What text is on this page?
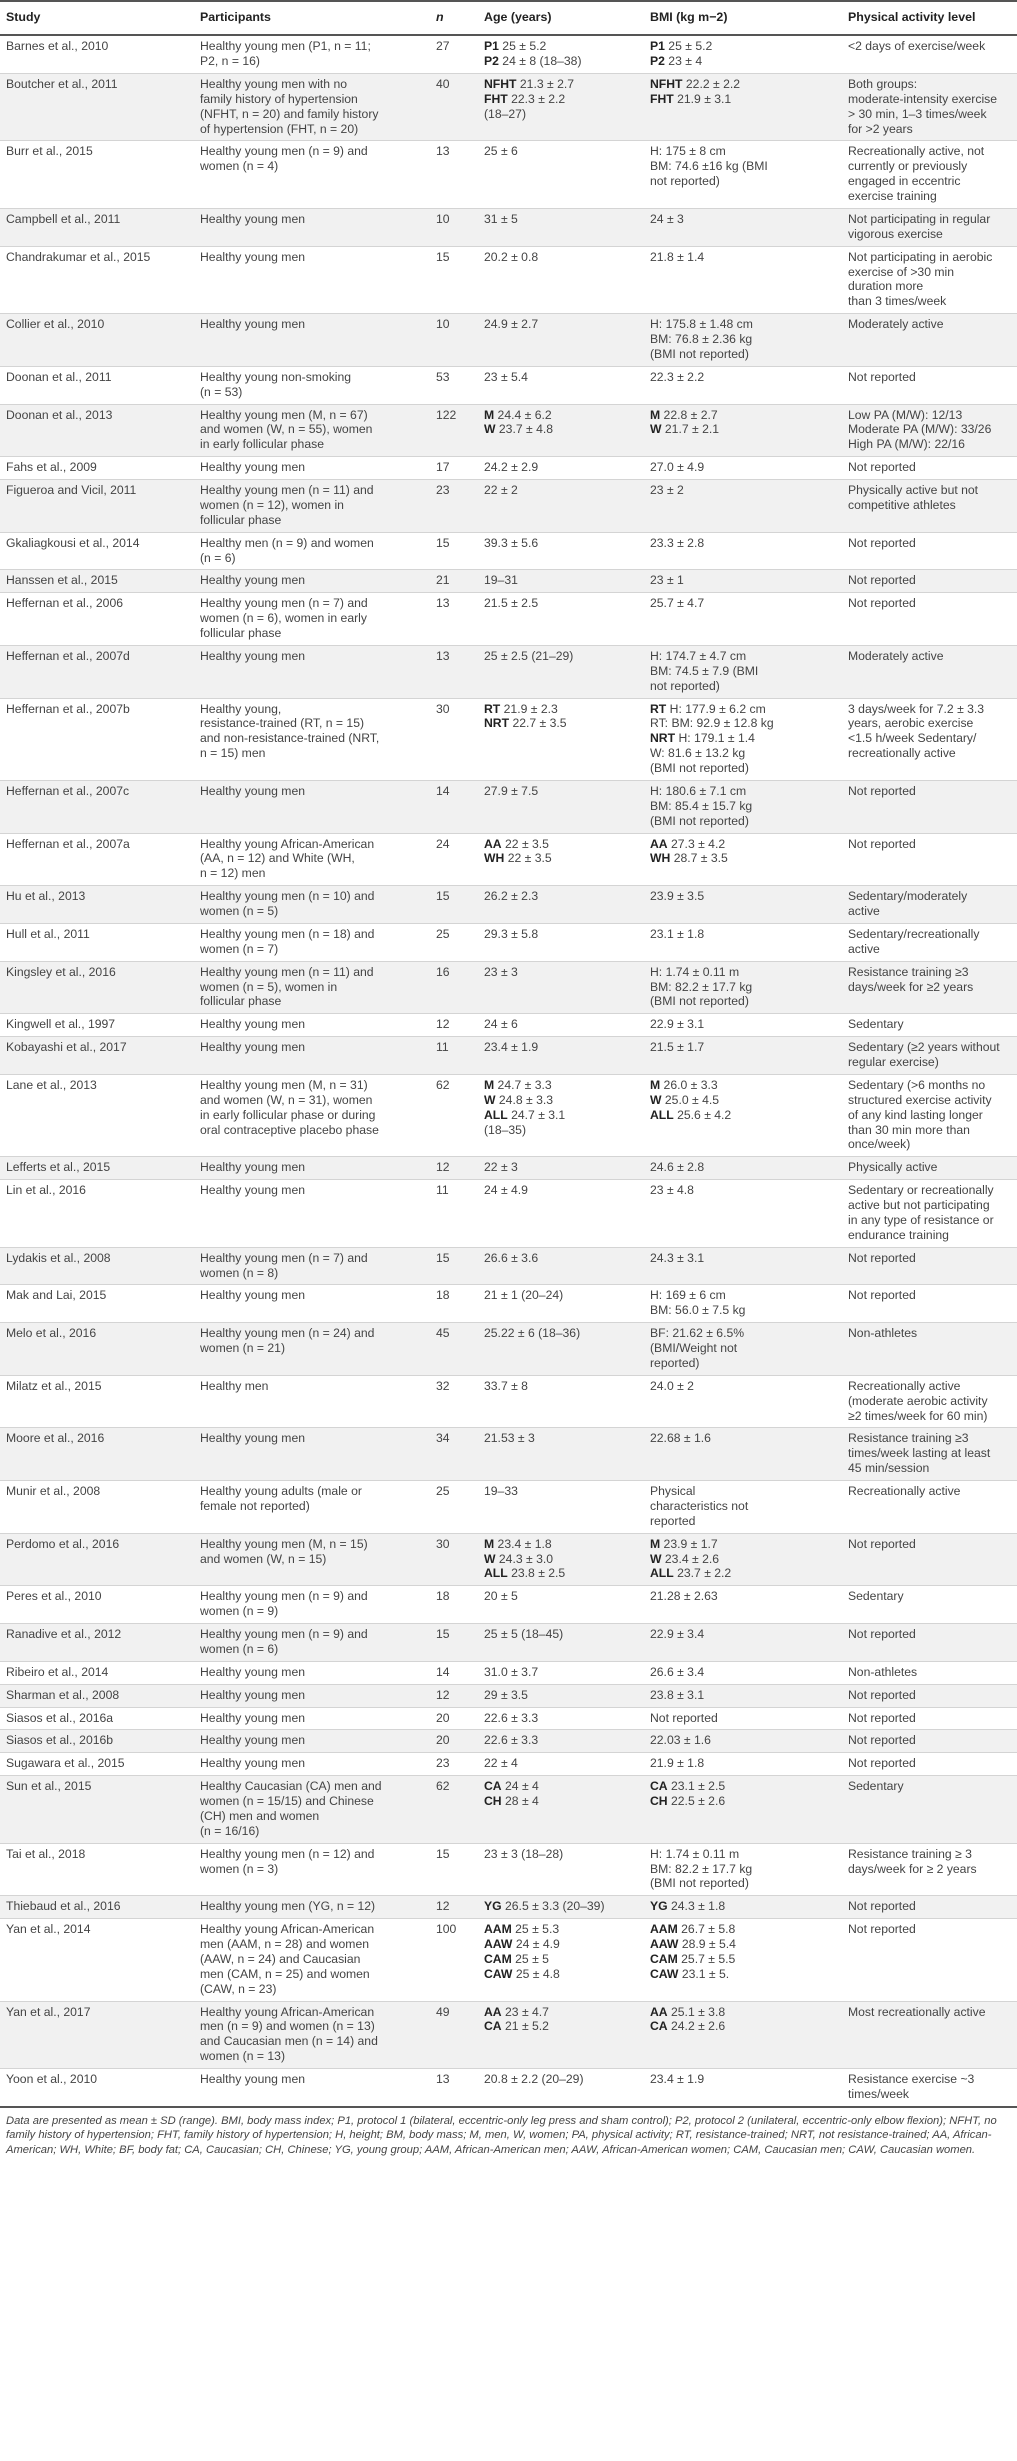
Study	Participants	n	Age (years)	BMI (kg m−2)	Physical activity level
Barnes et al., 2010	Healthy young men (P1, n = 11;
P2, n = 16)	27	P1 25 ± 5.2
P2 24 ± 8 (18–38)	P1 25 ± 5.2
P2 23 ± 4	<2 days of exercise/week

Boutcher et al., 2011	Healthy young men with no
family history of hypertension
(NFHT, n = 20) and family history
of hypertension (FHT, n = 20)	40	NFHT 21.3 ± 2.7
FHT 22.3 ± 2.2
(18–27)	NFHT 22.2 ± 2.2
FHT 21.9 ± 3.1	Both groups:
moderate-intensity exercise
> 30 min, 1–3 times/week
for >2 years

Burr et al., 2015	Healthy young men (n = 9) and
women (n = 4)	13	25 ± 6	H: 175 ± 8 cm
BM: 74.6 ±16 kg (BMI
not reported)	Recreationally active, not
currently or previously
engaged in eccentric
exercise training

Campbell et al., 2011	Healthy young men	10	31 ± 5	24 ± 3	Not participating in regular
vigorous exercise

Chandrakumar et al., 2015	Healthy young men	15	20.2 ± 0.8	21.8 ± 1.4	Not participating in aerobic
exercise of >30 min
duration more
than 3 times/week

Collier et al., 2010	Healthy young men	10	24.9 ± 2.7	H: 175.8 ± 1.48 cm
BM: 76.8 ± 2.36 kg
(BMI not reported)	Moderately active

Doonan et al., 2011	Healthy young non-smoking
(n = 53)	53	23 ± 5.4	22.3 ± 2.2	Not reported

Doonan et al., 2013	Healthy young men (M, n = 67)
and women (W, n = 55), women
in early follicular phase	122	M 24.4 ± 6.2
W 23.7 ± 4.8	M 22.8 ± 2.7
W 21.7 ± 2.1	Low PA (M/W): 12/13
Moderate PA (M/W): 33/26
High PA (M/W): 22/16

Fahs et al., 2009	Healthy young men	17	24.2 ± 2.9	27.0 ± 4.9	Not reported

Figueroa and Vicil, 2011	Healthy young men (n = 11) and
women (n = 12), women in
follicular phase	23	22 ± 2	23 ± 2	Physically active but not
competitive athletes

Gkaliagkousi et al., 2014	Healthy men (n = 9) and women
(n = 6)	15	39.3 ± 5.6	23.3 ± 2.8	Not reported

Hanssen et al., 2015	Healthy young men	21	19–31	23 ± 1	Not reported

Heffernan et al., 2006	Healthy young men (n = 7) and
women (n = 6), women in early
follicular phase	13	21.5 ± 2.5	25.7 ± 4.7	Not reported

Heffernan et al., 2007d	Healthy young men	13	25 ± 2.5 (21–29)	H: 174.7 ± 4.7 cm
BM: 74.5 ± 7.9 (BMI
not reported)	Moderately active

Heffernan et al., 2007b	Healthy young,
resistance-trained (RT, n = 15)
and non-resistance-trained (NRT,
n = 15) men	30	RT 21.9 ± 2.3
NRT 22.7 ± 3.5	RT H: 177.9 ± 6.2 cm
RT: BM: 92.9 ± 12.8 kg
NRT H: 179.1 ± 1.4
W: 81.6 ± 13.2 kg
(BMI not reported)	3 days/week for 7.2 ± 3.3
years, aerobic exercise
<1.5 h/week Sedentary/
recreationally active

Heffernan et al., 2007c	Healthy young men	14	27.9 ± 7.5	H: 180.6 ± 7.1 cm
BM: 85.4 ± 15.7 kg
(BMI not reported)	Not reported

Heffernan et al., 2007a	Healthy young African-American
(AA, n = 12) and White (WH,
n = 12) men	24	AA 22 ± 3.5
WH 22 ± 3.5	AA 27.3 ± 4.2
WH 28.7 ± 3.5	Not reported

Hu et al., 2013	Healthy young men (n = 10) and
women (n = 5)	15	26.2 ± 2.3	23.9 ± 3.5	Sedentary/moderately
active

Hull et al., 2011	Healthy young men (n = 18) and
women (n = 7)	25	29.3 ± 5.8	23.1 ± 1.8	Sedentary/recreationally
active

Kingsley et al., 2016	Healthy young men (n = 11) and
women (n = 5), women in
follicular phase	16	23 ± 3	H: 1.74 ± 0.11 m
BM: 82.2 ± 17.7 kg
(BMI not reported)	Resistance training ≥3
days/week for ≥2 years

Kingwell et al., 1997	Healthy young men	12	24 ± 6	22.9 ± 3.1	Sedentary

Kobayashi et al., 2017	Healthy young men	11	23.4 ± 1.9	21.5 ± 1.7	Sedentary (≥2 years without
regular exercise)

Lane et al., 2013	Healthy young men (M, n = 31)
and women (W, n = 31), women
in early follicular phase or during
oral contraceptive placebo phase	62	M 24.7 ± 3.3
W 24.8 ± 3.3
ALL 24.7 ± 3.1
(18–35)	M 26.0 ± 3.3
W 25.0 ± 4.5
ALL 25.6 ± 4.2	Sedentary (>6 months no
structured exercise activity
of any kind lasting longer
than 30 min more than
once/week)

Lefferts et al., 2015	Healthy young men	12	22 ± 3	24.6 ± 2.8	Physically active

Lin et al., 2016	Healthy young men	11	24 ± 4.9	23 ± 4.8	Sedentary or recreationally
active but not participating
in any type of resistance or
endurance training

Lydakis et al., 2008	Healthy young men (n = 7) and
women (n = 8)	15	26.6 ± 3.6	24.3 ± 3.1	Not reported

Mak and Lai, 2015	Healthy young men	18	21 ± 1 (20–24)	H: 169 ± 6 cm
BM: 56.0 ± 7.5 kg	Not reported

Melo et al., 2016	Healthy young men (n = 24) and
women (n = 21)	45	25.22 ± 6 (18–36)	BF: 21.62 ± 6.5%
(BMI/Weight not
reported)	Non-athletes

Milatz et al., 2015	Healthy men	32	33.7 ± 8	24.0 ± 2	Recreationally active
(moderate aerobic activity
≥2 times/week for 60 min)

Moore et al., 2016	Healthy young men	34	21.53 ± 3	22.68 ± 1.6	Resistance training ≥3
times/week lasting at least
45 min/session

Munir et al., 2008	Healthy young adults (male or
female not reported)	25	19–33	Physical
characteristics not
reported	Recreationally active

Perdomo et al., 2016	Healthy young men (M, n = 15)
and women (W, n = 15)	30	M 23.4 ± 1.8
W 24.3 ± 3.0
ALL 23.8 ± 2.5	M 23.9 ± 1.7
W 23.4 ± 2.6
ALL 23.7 ± 2.2	Not reported

Peres et al., 2010	Healthy young men (n = 9) and
women (n = 9)	18	20 ± 5	21.28 ± 2.63	Sedentary

Ranadive et al., 2012	Healthy young men (n = 9) and
women (n = 6)	15	25 ± 5 (18–45)	22.9 ± 3.4	Not reported

Ribeiro et al., 2014	Healthy young men	14	31.0 ± 3.7	26.6 ± 3.4	Non-athletes

Sharman et al., 2008	Healthy young men	12	29 ± 3.5	23.8 ± 3.1	Not reported

Siasos et al., 2016a	Healthy young men	20	22.6 ± 3.3	Not reported	Not reported

Siasos et al., 2016b	Healthy young men	20	22.6 ± 3.3	22.03 ± 1.6	Not reported

Sugawara et al., 2015	Healthy young men	23	22 ± 4	21.9 ± 1.8	Not reported

Sun et al., 2015	Healthy Caucasian (CA) men and
women (n = 15/15) and Chinese
(CH) men and women
(n = 16/16)	62	CA 24 ± 4
CH 28 ± 4	CA 23.1 ± 2.5
CH 22.5 ± 2.6	Sedentary

Tai et al., 2018	Healthy young men (n = 12) and
women (n = 3)	15	23 ± 3 (18–28)	H: 1.74 ± 0.11 m
BM: 82.2 ± 17.7 kg
(BMI not reported)	Resistance training ≥ 3
days/week for ≥ 2 years

Thiebaud et al., 2016	Healthy young men (YG, n = 12)	12	YG 26.5 ± 3.3 (20–39)	YG 24.3 ± 1.8	Not reported

Yan et al., 2014	Healthy young African-American
men (AAM, n = 28) and women
(AAW, n = 24) and Caucasian
men (CAM, n = 25) and women
(CAW, n = 23)	100	AAM 25 ± 5.3
AAW 24 ± 4.9
CAM 25 ± 5
CAW 25 ± 4.8	AAM 26.7 ± 5.8
AAW 28.9 ± 5.4
CAM 25.7 ± 5.5
CAW 23.1 ± 5.	Not reported

Yan et al., 2017	Healthy young African-American
men (n = 9) and women (n = 13)
and Caucasian men (n = 14) and
women (n = 13)	49	AA 23 ± 4.7
CA 21 ± 5.2	AA 25.1 ± 3.8
CA 24.2 ± 2.6	Most recreationally active

Yoon et al., 2010	Healthy young men	13	20.8 ± 2.2 (20–29)	23.4 ± 1.9	Resistance exercise ~3
times/week
Data are presented as mean ± SD (range). BMI, body mass index; P1, protocol 1 (bilateral, eccentric-only leg press and sham control); P2, protocol 2 (unilateral, eccentric-only elbow flexion); NFHT, no family history of hypertension; FHT, family history of hypertension; H, height; BM, body mass; M, men, W, women; PA, physical activity; RT, resistance-trained; NRT, not resistance-trained; AA, African-American; WH, White; BF, body fat; CA, Caucasian; CH, Chinese; YG, young group; AAM, African-American men; AAW, African-American women; CAM, Caucasian men; CAW, Caucasian women.
